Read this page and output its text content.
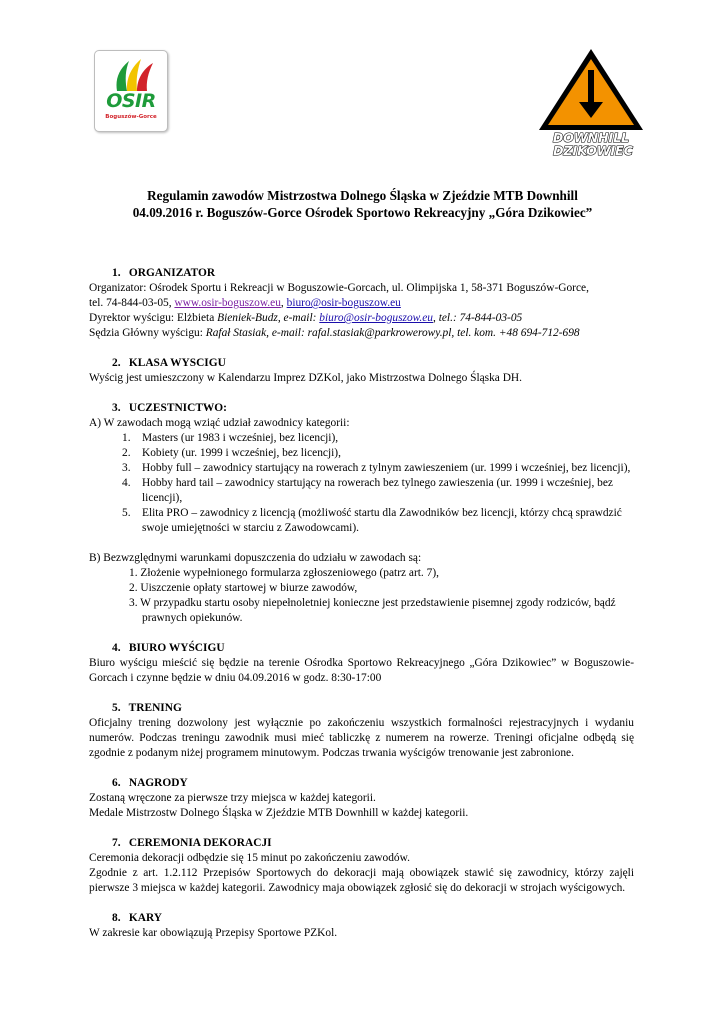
OSIR
Boguszów-Gorce
DOWNHILL
DZIKOWIEC
Regulamin zawodów Mistrzostwa Dolnego Śląska w Zjeździe MTB Downhill
04.09.2016 r. Boguszów-Gorce Ośrodek Sportowo Rekreacyjny „Góra Dzikowiec”
1. ORGANIZATOR
Organizator: Ośrodek Sportu i Rekreacji w Boguszowie-Gorcach, ul. Olimpijska 1, 58-371 Boguszów-Gorce,
tel. 74-844-03-05, www.osir-boguszow.eu, biuro@osir-boguszow.eu
Dyrektor wyścigu: Elżbieta Bieniek-Budz, e-mail: biuro@osir-boguszow.eu, tel.: 74-844-03-05
Sędzia Główny wyścigu: Rafał Stasiak, e-mail: rafal.stasiak@parkrowerowy.pl, tel. kom. +48 694-712-698
2. KLASA WYSCIGU
Wyścig jest umieszczony w Kalendarzu Imprez DZKol, jako Mistrzostwa Dolnego Śląska DH.
3. UCZESTNICTWO:
A) W zawodach mogą wziąć udział zawodnicy kategorii:
1. Masters (ur 1983 i wcześniej, bez licencji),
2. Kobiety (ur. 1999 i wcześniej, bez licencji),
3. Hobby full – zawodnicy startujący na rowerach z tylnym zawieszeniem (ur. 1999 i wcześniej, bez licencji),
4. Hobby hard tail – zawodnicy startujący na rowerach bez tylnego zawieszenia (ur. 1999 i wcześniej, bez licencji),
5. Elita PRO – zawodnicy z licencją (możliwość startu dla Zawodników bez licencji, którzy chcą sprawdzić swoje umiejętności w starciu z Zawodowcami).
B) Bezwzględnymi warunkami dopuszczenia do udziału w zawodach są:
1. Złożenie wypełnionego formularza zgłoszeniowego (patrz art. 7),
2. Uiszczenie opłaty startowej w biurze zawodów,
3. W przypadku startu osoby niepełnoletniej konieczne jest przedstawienie pisemnej zgody rodziców, bądź prawnych opiekunów.
4. BIURO WYŚCIGU
Biuro wyścigu mieścić się będzie na terenie Ośrodka Sportowo Rekreacyjnego „Góra Dzikowiec” w Boguszowie-Gorcach i czynne będzie w dniu 04.09.2016 w godz. 8:30-17:00
5. TRENING
Oficjalny trening dozwolony jest wyłącznie po zakończeniu wszystkich formalności rejestracyjnych i wydaniu numerów. Podczas treningu zawodnik musi mieć tabliczkę z numerem na rowerze. Treningi oficjalne odbędą się zgodnie z podanym niżej programem minutowym. Podczas trwania wyścigów trenowanie jest zabronione.
6. NAGRODY
Zostaną wręczone za pierwsze trzy miejsca w każdej kategorii.
Medale Mistrzostw Dolnego Śląska w Zjeździe MTB Downhill w każdej kategorii.
7. CEREMONIA DEKORACJI
Ceremonia dekoracji odbędzie się 15 minut po zakończeniu zawodów.
Zgodnie z art. 1.2.112 Przepisów Sportowych do dekoracji mają obowiązek stawić się zawodnicy, którzy zajęli pierwsze 3 miejsca w każdej kategorii. Zawodnicy maja obowiązek zgłosić się do dekoracji w strojach wyścigowych.
8. KARY
W zakresie kar obowiązują Przepisy Sportowe PZKol.
